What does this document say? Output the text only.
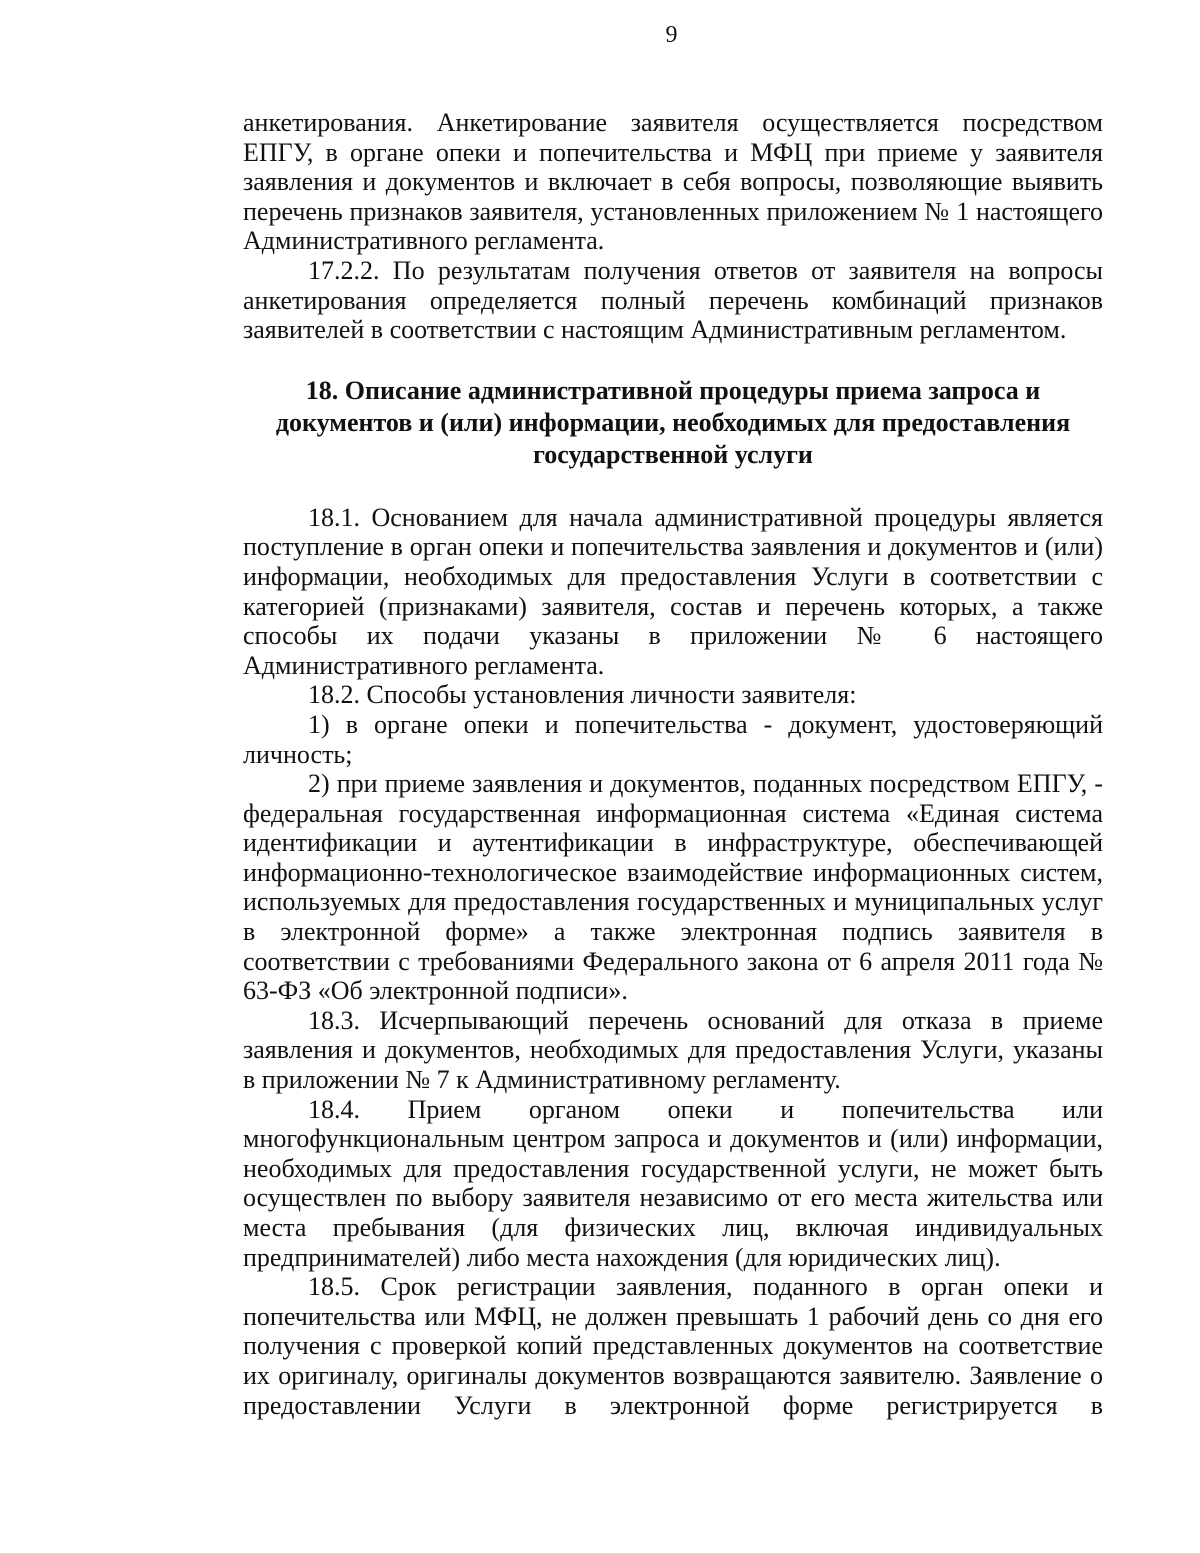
9

анкетирования. Анкетирование заявителя осуществляется посредством ЕПГУ, в органе опеки и попечительства и МФЦ при приеме у заявителя заявления и документов и включает в себя вопросы, позволяющие выявить перечень признаков заявителя, установленных приложением № 1 настоящего Административного регламента.

17.2.2. По результатам получения ответов от заявителя на вопросы анкетирования определяется полный перечень комбинаций признаков заявителей в соответствии с настоящим Административным регламентом.

18. Описание административной процедуры приема запроса и
документов и (или) информации, необходимых для предоставления
государственной услуги

18.1. Основанием для начала административной процедуры является поступление в орган опеки и попечительства заявления и документов и (или) информации, необходимых для предоставления Услуги в соответствии с категорией (признаками) заявителя, состав и перечень которых, а также способы их подачи указаны в приложении № 6 настоящего Административного регламента.

18.2. Способы установления личности заявителя:

1) в органе опеки и попечительства - документ, удостоверяющий личность;

2) при приеме заявления и документов, поданных посредством ЕПГУ, - федеральная государственная информационная система «Единая система идентификации и аутентификации в инфраструктуре, обеспечивающей информационно-технологическое взаимодействие информационных систем, используемых для предоставления государственных и муниципальных услуг в электронной форме» а также электронная подпись заявителя в соответствии с требованиями Федерального закона от 6 апреля 2011 года № 63-ФЗ «Об электронной подписи».

18.3. Исчерпывающий перечень оснований для отказа в приеме заявления и документов, необходимых для предоставления Услуги, указаны в приложении № 7 к Административному регламенту.

18.4. Прием органом опеки и попечительства или многофункциональным центром запроса и документов и (или) информации, необходимых для предоставления государственной услуги, не может быть осуществлен по выбору заявителя независимо от его места жительства или места пребывания (для физических лиц, включая индивидуальных предпринимателей) либо места нахождения (для юридических лиц).

18.5. Срок регистрации заявления, поданного в орган опеки и попечительства или МФЦ, не должен превышать 1 рабочий день со дня его получения с проверкой копий представленных документов на соответствие их оригиналу, оригиналы документов возвращаются заявителю. Заявление о предоставлении Услуги в электронной форме регистрируется в
